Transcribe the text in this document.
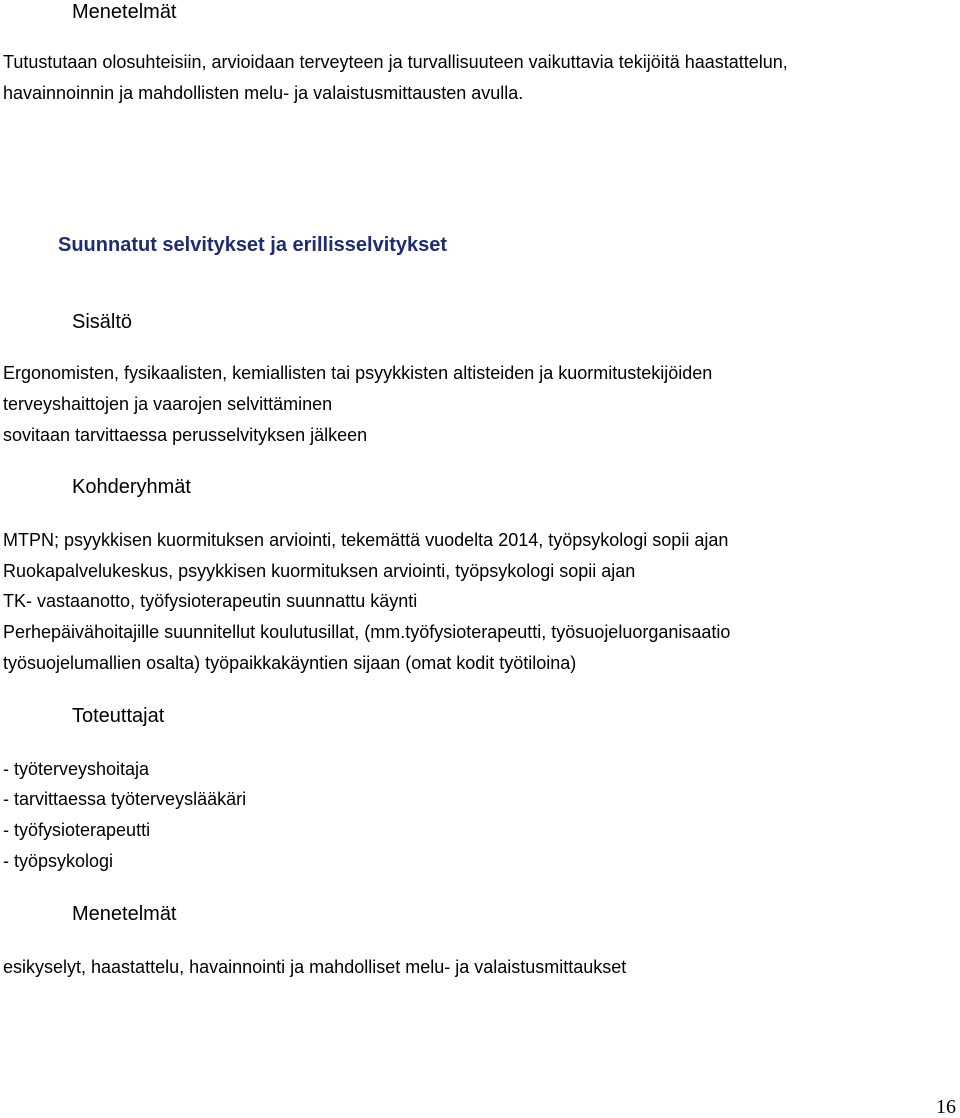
Menetelmät

Tutustutaan olosuhteisiin, arvioidaan terveyteen ja turvallisuuteen vaikuttavia tekijöitä haastattelun,

havainnoinnin ja mahdollisten melu- ja valaistusmittausten avulla.

Suunnatut selvitykset ja erillisselvitykset

Sisältö

Ergonomisten, fysikaalisten, kemiallisten tai psyykkisten altisteiden ja kuormitustekijöiden

terveyshaittojen ja vaarojen selvittäminen

sovitaan tarvittaessa perusselvityksen jälkeen

Kohderyhmät

MTPN; psyykkisen kuormituksen arviointi, tekemättä vuodelta 2014, työpsykologi sopii ajan

Ruokapalvelukeskus, psyykkisen kuormituksen arviointi, työpsykologi sopii ajan

TK- vastaanotto, työfysioterapeutin suunnattu käynti

Perhepäivähoitajille suunnitellut koulutusillat, (mm.työfysioterapeutti, työsuojeluorganisaatio

työsuojelumallien osalta) työpaikkakäyntien sijaan (omat kodit työtiloina)

Toteuttajat

- työterveyshoitaja

- tarvittaessa työterveyslääkäri

- työfysioterapeutti

- työpsykologi

Menetelmät

esikyselyt, haastattelu, havainnointi ja mahdolliset melu- ja valaistusmittaukset

16
